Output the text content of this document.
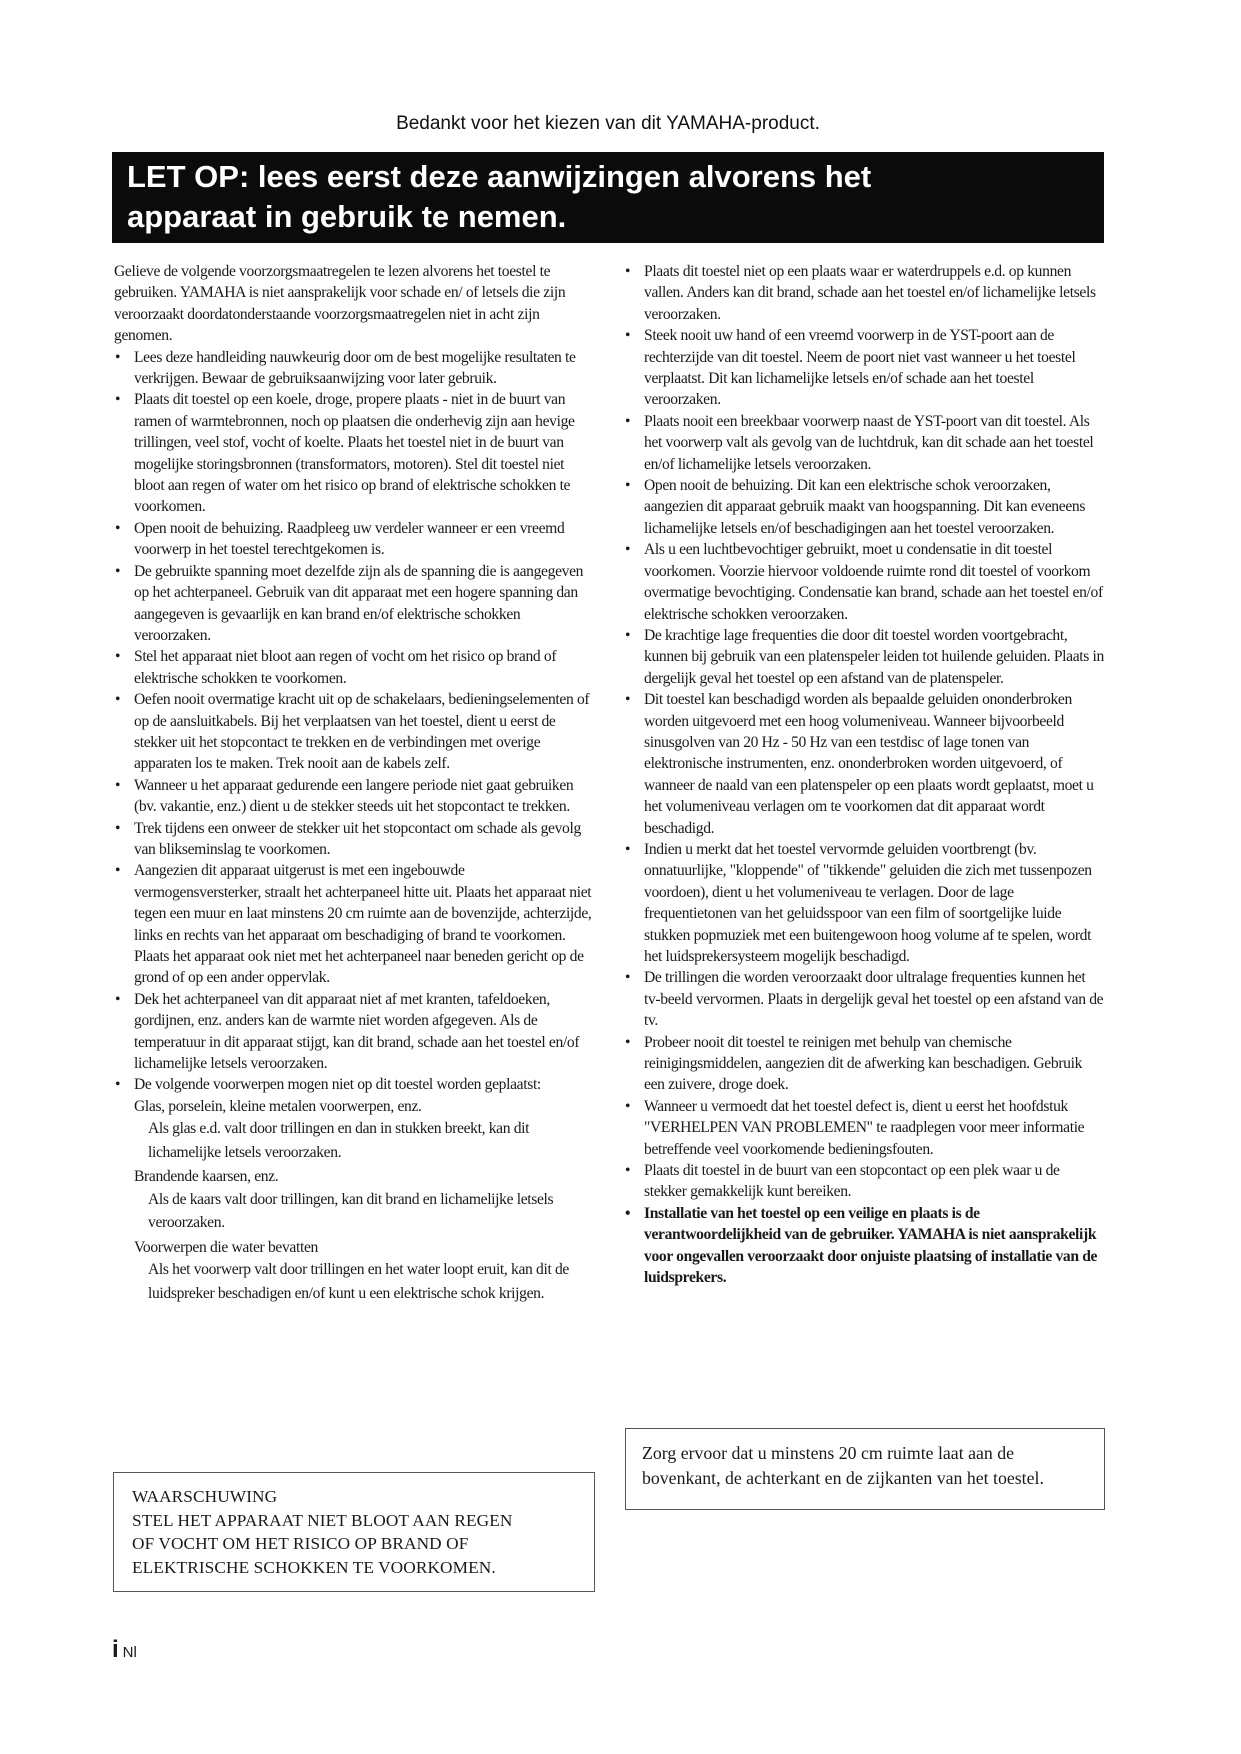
Bedankt voor het kiezen van dit YAMAHA-product.
LET OP: lees eerst deze aanwijzingen alvorens het
apparaat in gebruik te nemen.

Gelieve de volgende voorzorgsmaatregelen te lezen alvorens het toestel te gebruiken. YAMAHA is niet aansprakelijk voor schade en/ of letsels die zijn veroorzaakt doordatonderstaande voorzorgsmaatregelen niet in acht zijn genomen.

• Lees deze handleiding nauwkeurig door om de best mogelijke resultaten te verkrijgen. Bewaar de gebruiksaanwijzing voor later gebruik.
• Plaats dit toestel op een koele, droge, propere plaats - niet in de buurt van ramen of warmtebronnen, noch op plaatsen die onderhevig zijn aan hevige trillingen, veel stof, vocht of koelte. Plaats het toestel niet in de buurt van mogelijke storingsbronnen (transformators, motoren). Stel dit toestel niet bloot aan regen of water om het risico op brand of elektrische schokken te voorkomen.
• Open nooit de behuizing. Raadpleeg uw verdeler wanneer er een vreemd voorwerp in het toestel terechtgekomen is.
• De gebruikte spanning moet dezelfde zijn als de spanning die is aangegeven op het achterpaneel. Gebruik van dit apparaat met een hogere spanning dan aangegeven is gevaarlijk en kan brand en/of elektrische schokken veroorzaken.
• Stel het apparaat niet bloot aan regen of vocht om het risico op brand of elektrische schokken te voorkomen.
• Oefen nooit overmatige kracht uit op de schakelaars, bedieningselementen of op de aansluitkabels. Bij het verplaatsen van het toestel, dient u eerst de stekker uit het stopcontact te trekken en de verbindingen met overige apparaten los te maken. Trek nooit aan de kabels zelf.
• Wanneer u het apparaat gedurende een langere periode niet gaat gebruiken (bv. vakantie, enz.) dient u de stekker steeds uit het stopcontact te trekken.
• Trek tijdens een onweer de stekker uit het stopcontact om schade als gevolg van blikseminslag te voorkomen.
• Aangezien dit apparaat uitgerust is met een ingebouwde vermogensversterker, straalt het achterpaneel hitte uit. Plaats het apparaat niet tegen een muur en laat minstens 20 cm ruimte aan de bovenzijde, achterzijde, links en rechts van het apparaat om beschadiging of brand te voorkomen. Plaats het apparaat ook niet met het achterpaneel naar beneden gericht op de grond of op een ander oppervlak.
• Dek het achterpaneel van dit apparaat niet af met kranten, tafeldoeken, gordijnen, enz. anders kan de warmte niet worden afgegeven. Als de temperatuur in dit apparaat stijgt, kan dit brand, schade aan het toestel en/of lichamelijke letsels veroorzaken.
• De volgende voorwerpen mogen niet op dit toestel worden geplaatst:
Glas, porselein, kleine metalen voorwerpen, enz.
Als glas e.d. valt door trillingen en dan in stukken breekt, kan dit lichamelijke letsels veroorzaken.
Brandende kaarsen, enz.
Als de kaars valt door trillingen, kan dit brand en lichamelijke letsels veroorzaken.
Voorwerpen die water bevatten
Als het voorwerp valt door trillingen en het water loopt eruit, kan dit de luidspreker beschadigen en/of kunt u een elektrische schok krijgen.
WAARSCHUWING
STEL HET APPARAAT NIET BLOOT AAN REGEN
OF VOCHT OM HET RISICO OP BRAND OF
ELEKTRISCHE SCHOKKEN TE VOORKOMEN.
• Plaats dit toestel niet op een plaats waar er waterdruppels e.d. op kunnen vallen. Anders kan dit brand, schade aan het toestel en/of lichamelijke letsels veroorzaken.
• Steek nooit uw hand of een vreemd voorwerp in de YST-poort aan de rechterzijde van dit toestel. Neem de poort niet vast wanneer u het toestel verplaatst. Dit kan lichamelijke letsels en/of schade aan het toestel veroorzaken.
• Plaats nooit een breekbaar voorwerp naast de YST-poort van dit toestel. Als het voorwerp valt als gevolg van de luchtdruk, kan dit schade aan het toestel en/of lichamelijke letsels veroorzaken.
• Open nooit de behuizing. Dit kan een elektrische schok veroorzaken, aangezien dit apparaat gebruik maakt van hoogspanning. Dit kan eveneens lichamelijke letsels en/of beschadigingen aan het toestel veroorzaken.
• Als u een luchtbevochtiger gebruikt, moet u condensatie in dit toestel voorkomen. Voorzie hiervoor voldoende ruimte rond dit toestel of voorkom overmatige bevochtiging. Condensatie kan brand, schade aan het toestel en/of elektrische schokken veroorzaken.
• De krachtige lage frequenties die door dit toestel worden voortgebracht, kunnen bij gebruik van een platenspeler leiden tot huilende geluiden. Plaats in dergelijk geval het toestel op een afstand van de platenspeler.
• Dit toestel kan beschadigd worden als bepaalde geluiden ononderbroken worden uitgevoerd met een hoog volumeniveau. Wanneer bijvoorbeeld sinusgolven van 20 Hz - 50 Hz van een testdisc of lage tonen van elektronische instrumenten, enz. ononderbroken worden uitgevoerd, of wanneer de naald van een platenspeler op een plaats wordt geplaatst, moet u het volumeniveau verlagen om te voorkomen dat dit apparaat wordt beschadigd.
• Indien u merkt dat het toestel vervormde geluiden voortbrengt (bv. onnatuurlijke, "kloppende" of "tikkende" geluiden die zich met tussenpozen voordoen), dient u het volumeniveau te verlagen. Door de lage frequentietonen van het geluidsspoor van een film of soortgelijke luide stukken popmuziek met een buitengewoon hoog volume af te spelen, wordt het luidsprekersysteem mogelijk beschadigd.
• De trillingen die worden veroorzaakt door ultralage frequenties kunnen het tv-beeld vervormen. Plaats in dergelijk geval het toestel op een afstand van de tv.
• Probeer nooit dit toestel te reinigen met behulp van chemische reinigingsmiddelen, aangezien dit de afwerking kan beschadigen. Gebruik een zuivere, droge doek.
• Wanneer u vermoedt dat het toestel defect is, dient u eerst het hoofdstuk "VERHELPEN VAN PROBLEMEN" te raadplegen voor meer informatie betreffende veel voorkomende bedieningsfouten.
• Plaats dit toestel in de buurt van een stopcontact op een plek waar u de stekker gemakkelijk kunt bereiken.
• Installatie van het toestel op een veilige en plaats is de verantwoordelijkheid van de gebruiker. YAMAHA is niet aansprakelijk voor ongevallen veroorzaakt door onjuiste plaatsing of installatie van de luidsprekers.
Zorg ervoor dat u minstens 20 cm ruimte laat aan de
bovenkant, de achterkant en de zijkanten van het toestel.
i Nl
